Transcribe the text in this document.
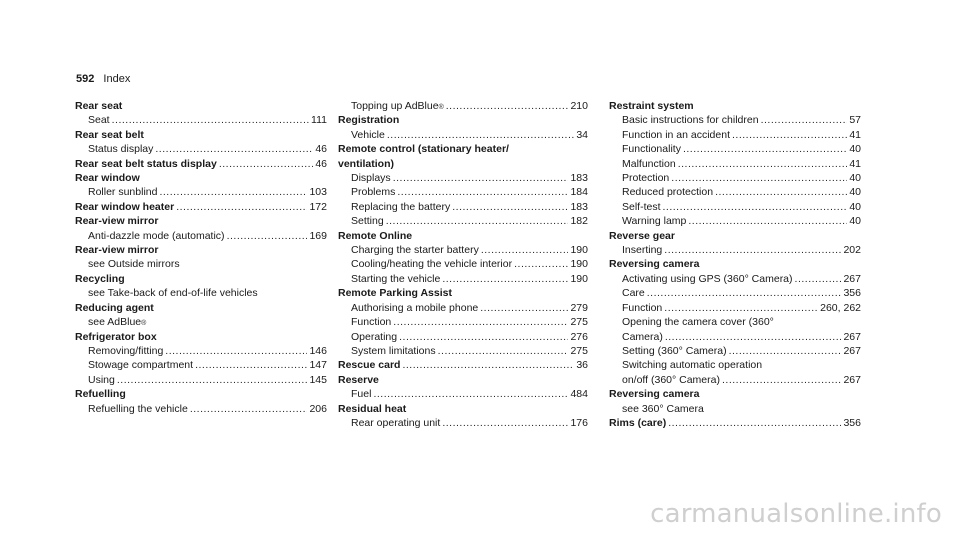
592 Index
Rear seat
Seat .....	111
Rear seat belt
Status display .....	46
Rear seat belt status display .....	46
Rear window
Roller sunblind .....	103
Rear window heater .....	172
Rear-view mirror
Anti-dazzle mode (automatic) .....	169
Rear-view mirror
see Outside mirrors
Recycling
see Take-back of end-of-life vehicles
Reducing agent
see AdBlue ®
Refrigerator box
Removing/fitting .....	146
Stowage compartment .....	147
Using .....	145
Refuelling
Refuelling the vehicle .....	206
Topping up AdBlue ® .....	210
Registration
Vehicle .....	34
Remote control (stationary heater/
ventilation)
Displays .....	183
Problems .....	184
Replacing the battery .....	183
Setting .....	182
Remote Online
Charging the starter battery .....	190
Cooling/heating the vehicle interior .....	190
Starting the vehicle .....	190
Remote Parking Assist
Authorising a mobile phone .....	279
Function .....	275
Operating .....	276
System limitations .....	275
Rescue card .....	36
Reserve
Fuel .....	484
Residual heat
Rear operating unit .....	176
Restraint system
Basic instructions for children .....	57
Function in an accident .....	41
Functionality .....	40
Malfunction .....	41
Protection .....	40
Reduced protection .....	40
Self-test .....	40
Warning lamp .....	40
Reverse gear
Inserting .....	202
Reversing camera
Activating using GPS (360° Camera) .....	267
Care .....	356
Function .....	260, 262
Opening the camera cover (360°
Camera) .....	267
Setting (360° Camera) .....	267
Switching automatic operation
on/off (360° Camera) .....	267
Reversing camera
see 360° Camera
Rims (care) .....	356
carmanualsonline.info
